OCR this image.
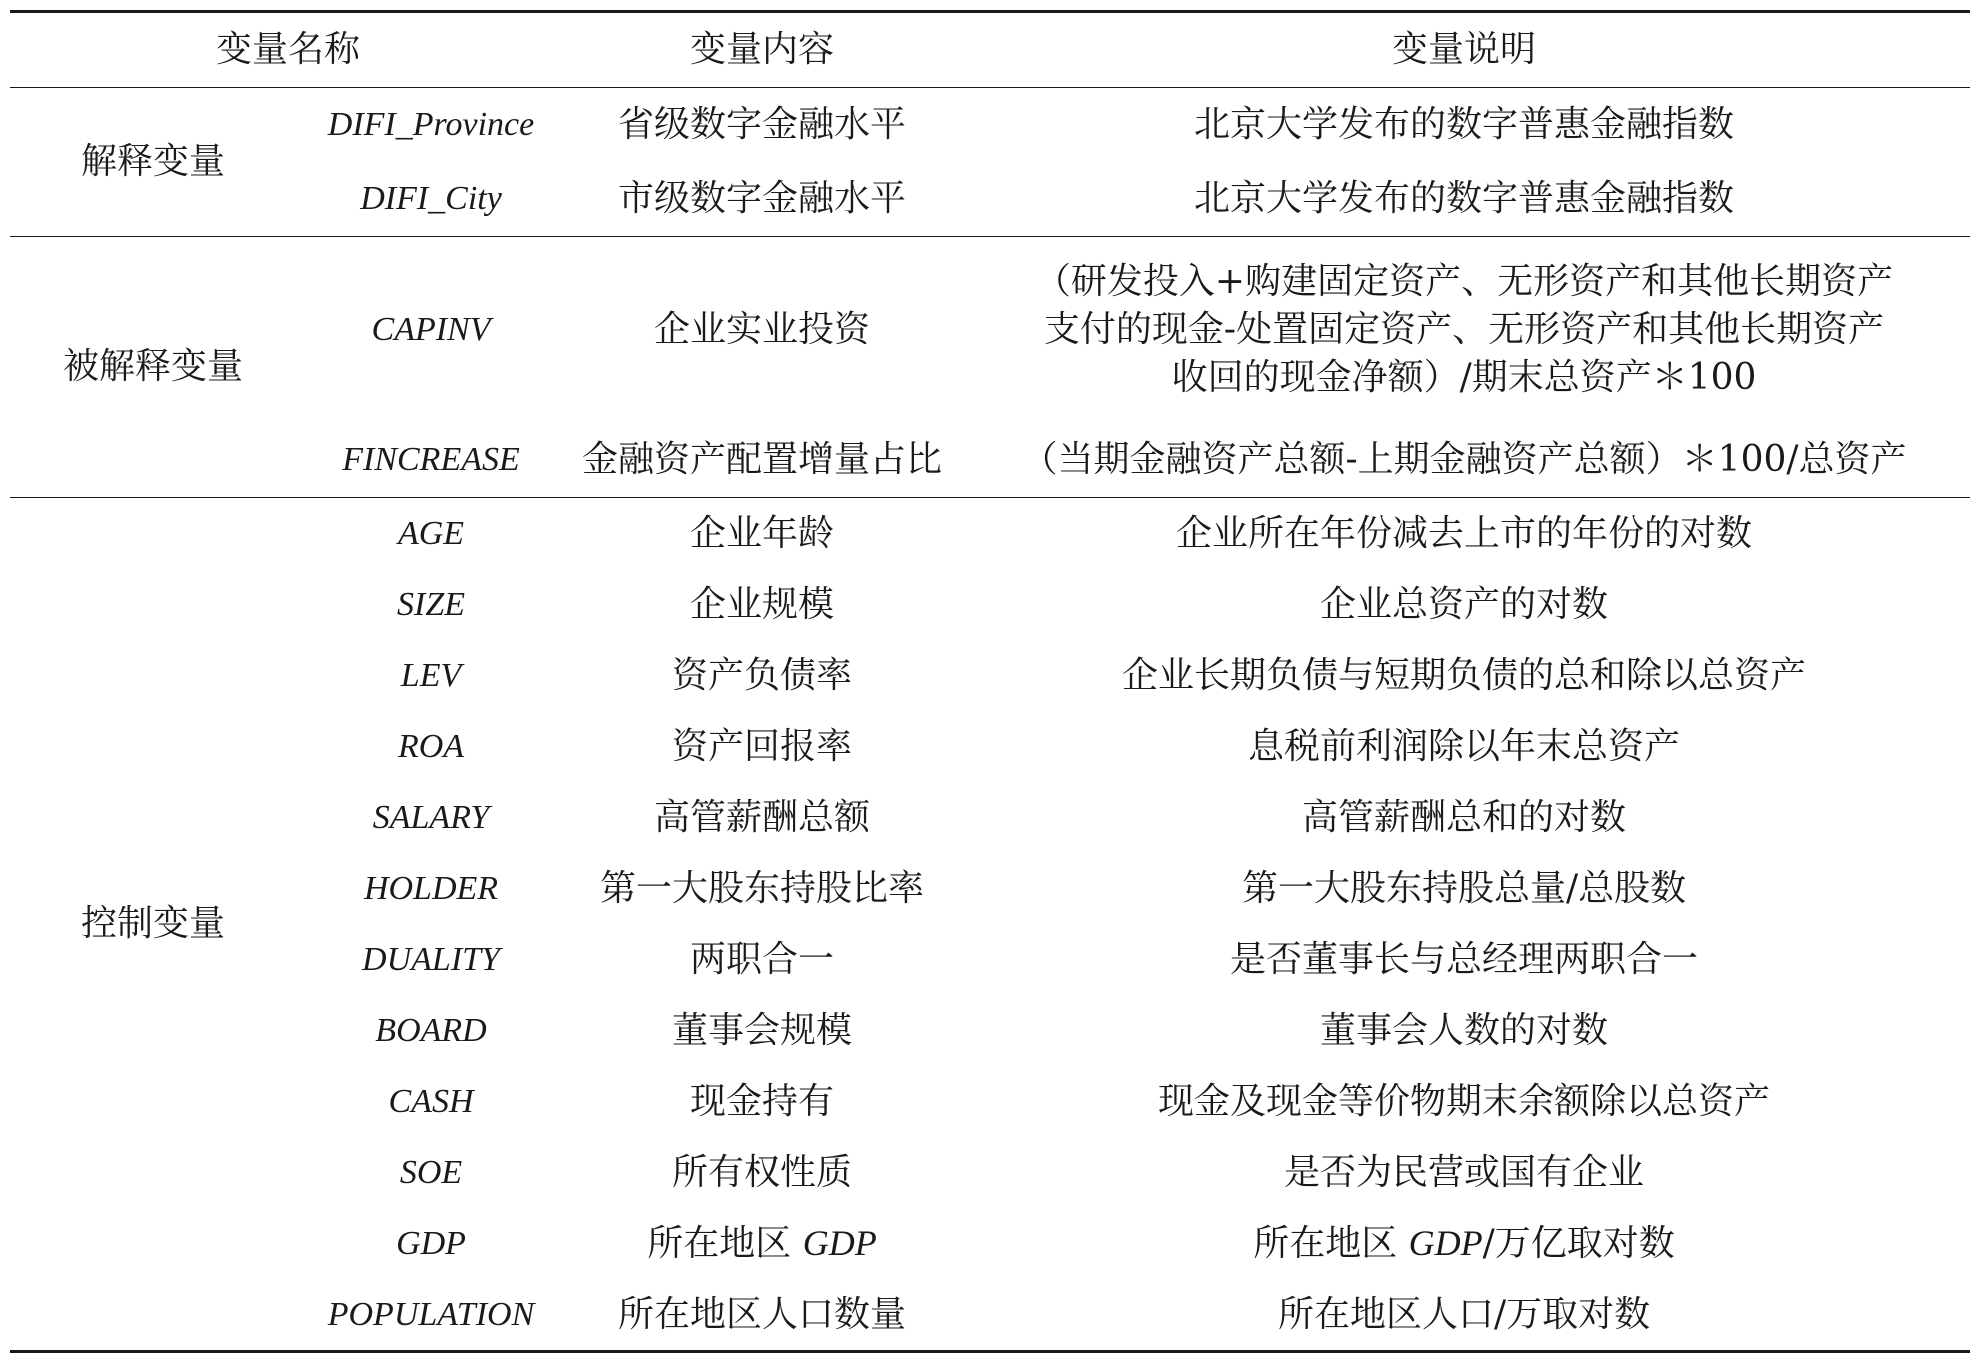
变量名称		变量内容	变量说明
解释变量	DIFI_Province	省级数字金融水平	北京大学发布的数字普惠金融指数
	DIFI_City	市级数字金融水平	北京大学发布的数字普惠金融指数
被解释变量	CAPINV	企业实业投资	（研发投入+购建固定资产、无形资产和其他长期资产
支付的现金-处置固定资产、无形资产和其他长期资产
收回的现金净额）/期末总资产＊100

	FINCREASE	金融资产配置增量占比	（当期金融资产总额-上期金融资产总额）＊100/总资产
控制变量	AGE	企业年龄	企业所在年份减去上市的年份的对数
	SIZE	企业规模	企业总资产的对数
	LEV	资产负债率	企业长期负债与短期负债的总和除以总资产
	ROA	资产回报率	息税前利润除以年末总资产
	SALARY	高管薪酬总额	高管薪酬总和的对数
	HOLDER	第一大股东持股比率	第一大股东持股总量/总股数
	DUALITY	两职合一	是否董事长与总经理两职合一
	BOARD	董事会规模	董事会人数的对数
	CASH	现金持有	现金及现金等价物期末余额除以总资产
	SOE	所有权性质	是否为民营或国有企业
	GDP	所在地区 GDP	所在地区 GDP/万亿取对数
	POPULATION	所在地区人口数量	所在地区人口/万取对数
